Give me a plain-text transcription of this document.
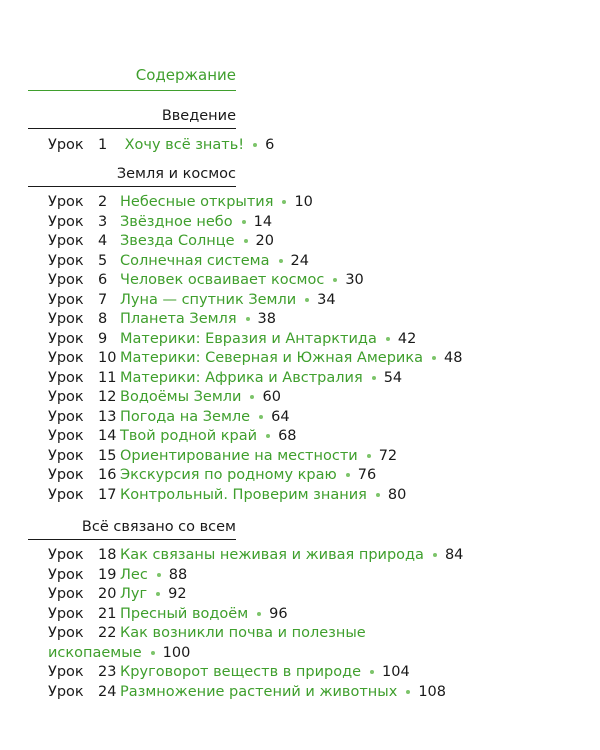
Содержание
Введение
Урок 1 Хочу всё знать! 6
Земля и космос
Урок 2 Небесные открытия 10
Урок 3 Звёздное небо 14
Урок 4 Звезда Солнце 20
Урок 5 Солнечная система 24
Урок 6 Человек осваивает космос 30
Урок 7 Луна — спутник Земли 34
Урок 8 Планета Земля 38
Урок 9 Материки: Евразия и Антарктида 42
Урок 10 Материки: Северная и Южная Америка 48
Урок 11 Материки: Африка и Австралия 54
Урок 12 Водоёмы Земли 60
Урок 13 Погода на Земле 64
Урок 14 Твой родной край 68
Урок 15 Ориентирование на местности 72
Урок 16 Экскурсия по родному краю 76
Урок 17 Контрольный. Проверим знания 80
Всё связано со всем
Урок 18 Как связаны неживая и живая природа 84
Урок 19 Лес 88
Урок 20 Луг 92
Урок 21 Пресный водоём 96
Урок 22 Как возникли почва и полезные
ископаемые 100
Урок 23 Круговорот веществ в природе 104
Урок 24 Размножение растений и животных 108
